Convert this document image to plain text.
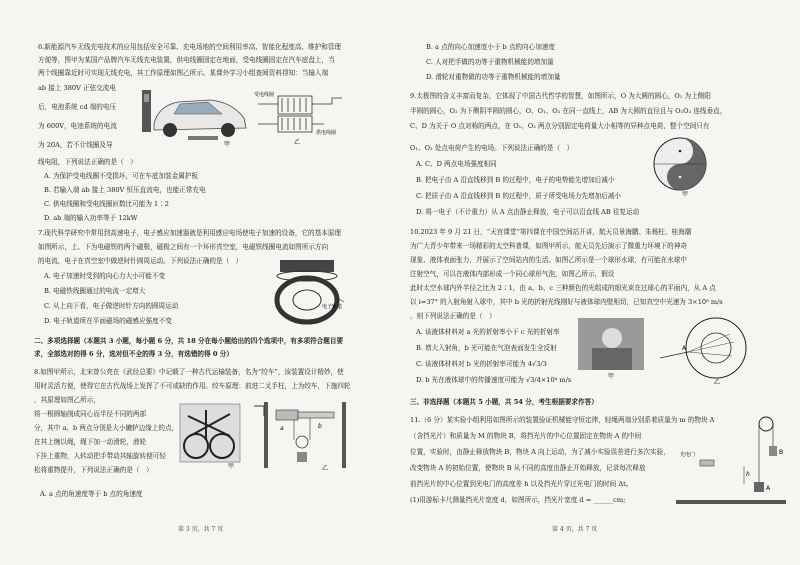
6.新能源汽车无线充电技术的应用包括安全可靠、充电场地的空间利用率高、智能化程度高、维护和管理
方便等，图甲为某国产品牌汽车无线充电装置，供电线圈固定在地面，受电线圈固定在汽车底盘上，当
两个线圈靠近时可实现无线充电，其工作原理如图乙所示。某课外学习小组查阅资料得知：当输入端
ab 接上 380V 正弦交流电
后，电池系统 cd 端的电压
为 600V，电池系统的电流
为 20A，若不计线圈及导
线电阻，下列说法正确的是（　）
A. 为保护受电线圈不受损坏，可在车底加装金属护板
B. 若输入端 ab 接上 380V 恒压直流电，也能正常充电
C. 供电线圈和受电线圈匝数比可能为 1∶2
D. ab 端的输入功率等于 12kW
甲
受电线圈
供电线圈
乙
7.现代科学研究中常用到高速电子，电子感应加速器就是利用感应电场使电子加速的设备，它的基本原理
如图所示，上、下为电磁铁的两个磁极，磁极之间有一个环形真空室，电磁铁线圈电流如图所示方向
的电流，电子在真空室中做逆时针圆周运动。下列说法正确的是（　）
A. 电子加速时受到的向心力大小可能不变
B. 电磁铁线圈通过的电流一定增大
C. 从上向下看，电子做逆时针方向的圆周运动
D. 电子轨道所在平面磁场的磁感应强度不变
电子轨道
二、多项选择题（本题共 3 小题，每小题 6 分，共 18 分在每小题给出的四个选项中，有多项符合题目要
求，全部选对的得 6 分，选对但不全的得 3 分，有选错的得 0 分）
8.如图甲所示，北宋曾公亮在《武经总要》中记载了一种古代运输装备，名为“绞车”，该装置设计精妙，使
用时灵活方便，使得它在古代战场上发挥了不可或缺的作用。绞车原理：前进二叉手柱，上为绞车，下施四轮
，其原理如图乙所示，
将一根圆轴削成同心而半径不同的两部
分，其中 a、b 两点分别是大小辘轳边缘上的点，
在其上缠以绳，绳下加一动滑轮，滑轮
下挂上重物，人转动把手带动其轴旋转便可轻
松将重物提升，下列说法正确的是（　）
A. a 点的角速度等于 b 点的角速度
甲
a	b
乙
第 3 页，共 7 页
B. a 点的向心加速度小于 b 点的向心加速度
C. 人对把手做的功等于重物机械能的增加量
D. 滑轮对重物做的功等于重物机械能的增加量
9.太极图的含义丰富而复杂，它体现了中国古代哲学的智慧，如图所示，O 为大圆的圆心，O₁ 为上侧阳
半圆的圆心，O₂ 为下侧阴半圆的圆心，O、O₁、O₂ 在同一直线上，AB 为大圆的直径且与 O₁O₂ 连线垂直，
C、D 为关于 O 点对称的两点，在 O₁、O₂ 两点分别固定电荷量大小相等的异种点电荷，整个空间只有
O₁、O₂ 处点电荷产生的电场。下列说法正确的是（　）
A. C、D 两点电场强度相同
B. 把电子由 A 沿直线移到 B 的过程中，电子的电势能先增加后减小
C. 把质子由 A 沿直线移到 B 的过程中，质子所受电场力先增加后减小
D. 将一电子（不计重力）从 A 点由静止释放，电子可以沿直线 AB 往复运动
甲
10.2023 年 9 月 21 日，“天宫课堂”第四课在中国空间站开讲，航天员景海鹏、朱杨柱、桂海潮
为广大青少年带来一场精彩的太空科普课，如图甲所示，航天员先后演示了微重力环境下的神奇
现象、液体表面张力，并展示了空间站内的生活。如图乙所示是一个球形水球，有可能在水球中
注射空气，可以在液体内部形成一个同心球形气泡，如图乙所示，假设
此时太空水球内外半径之比为 2∶1，由 a、b、c 三种颜色的光组成的细光束在过球心的平面内，从 A 点
以 i=37° 的入射角射入球中，其中 b 光的折射光线刚好与液体球内壁相切，已知真空中光速为 3×10⁸ m/s
，则下列说法正确的是（　）
A. 该液体材料对 a 光的折射率小于 c 光的折射率
B. 增大入射角，b 光可能在气泡表面发生全反射
C. 该液体材料对 b 光的折射率可能为 4√3/3
D. b 光在液体球中的传播速度可能为 √3/4×10⁸ m/s	甲
A
乙
三、非选择题（本题共 5 小题，共 54 分，考生根据要求作答）
11.（6 分）某实验小组利用如图所示的装置验证机械能守恒定律，轻绳两端分别系着质量为 m 的物块 A
（含挡光片）和质量为 M 的物块 B，将挡光片的中心位置固定在物块 A 的中间
位置，实验时，由静止释放物块 B，物块 A 向上运动，为了减小实验误差进行多次实验，
改变物块 A 的初始位置，使物块 B 从不同的高度由静止开始释放，记录每次释放
前挡光片的中心位置到光电门的高度差 h 以及挡光片穿过光电门的时间 Δt。
(1)用游标卡尺测量挡光片宽度 d，如图所示，挡光片宽度 d = ______cm;
B
A
光电门
h
第 4 页，共 7 页
